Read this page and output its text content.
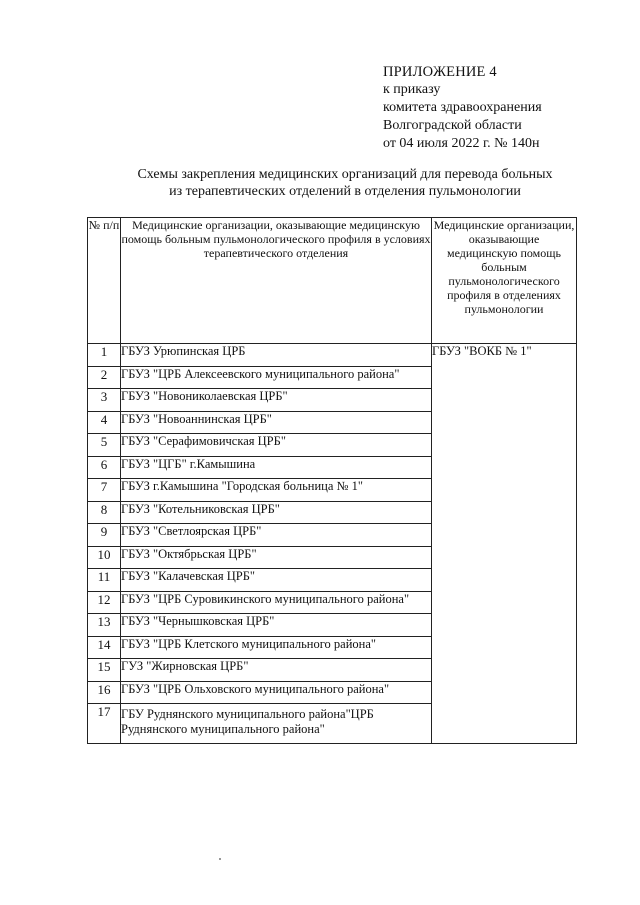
ПРИЛОЖЕНИЕ 4
к приказу
комитета здравоохранения
Волгоградской области
от 04 июля 2022 г. № 140н
Схемы закрепления медицинских организаций для перевода больных
из терапевтических отделений в отделения пульмонологии
№ п/п	Медицинские организации, оказывающие медицинскую помощь больным пульмонологического профиля в условиях терапевтического отделения	Медицинские организации, оказывающие медицинскую помощь больным пульмонологического профиля в отделениях пульмонологии
1	ГБУЗ Урюпинская ЦРБ	ГБУЗ "ВОКБ № 1"
2	ГБУЗ "ЦРБ Алексеевского муниципального района"	
3	ГБУЗ "Новониколаевская ЦРБ"	
4	ГБУЗ "Новоаннинская ЦРБ"	
5	ГБУЗ "Серафимовичская ЦРБ"	
6	ГБУЗ "ЦГБ" г.Камышина	
7	ГБУЗ г.Камышина "Городская больница № 1"	
8	ГБУЗ "Котельниковская ЦРБ"	
9	ГБУЗ "Светлоярская ЦРБ"	
10	ГБУЗ "Октябрьская ЦРБ"	
11	ГБУЗ "Калачевская ЦРБ"	
12	ГБУЗ "ЦРБ Суровикинского муниципального района"	
13	ГБУЗ "Чернышковская ЦРБ"	
14	ГБУЗ "ЦРБ Клетского муниципального района"	
15	ГУЗ "Жирновская ЦРБ"	
16	ГБУЗ "ЦРБ Ольховского муниципального района"	
17	ГБУ Руднянского муниципального района"ЦРБ Руднянского муниципального района"	
